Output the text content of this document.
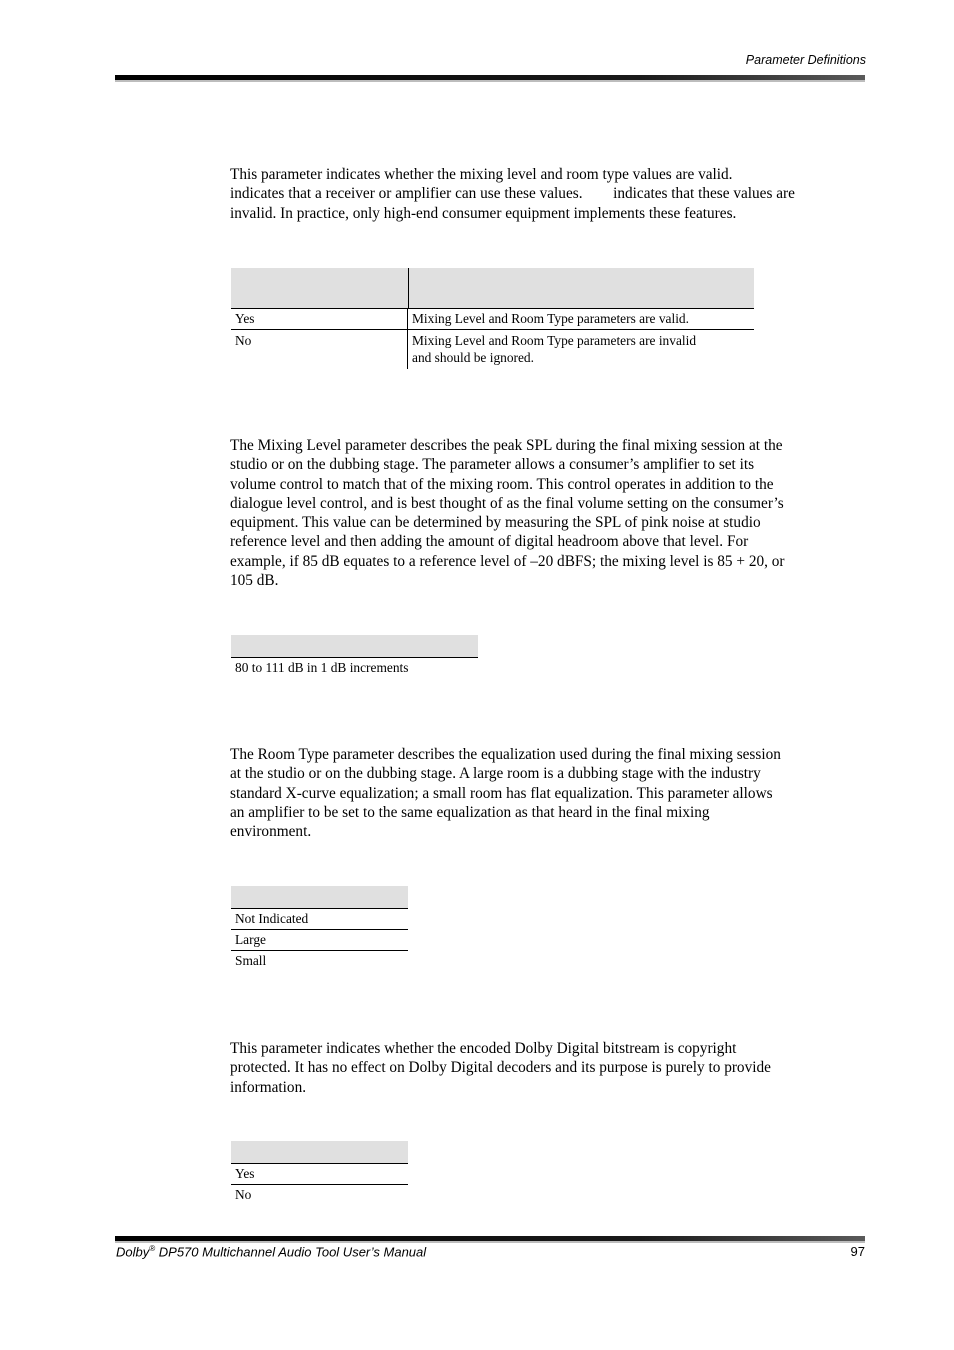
Parameter Definitions

This parameter indicates whether the mixing level and room type values are valid.

indicates that a receiver or amplifier can use these values.        indicates that these values are

invalid. In practice, only high-end consumer equipment implements these features.

Yes	Mixing Level and Room Type parameters are valid.
No	Mixing Level and Room Type parameters are invalid
and should be ignored.

The Mixing Level parameter describes the peak SPL during the final mixing session at the

studio or on the dubbing stage. The parameter allows a consumer’s amplifier to set its

volume control to match that of the mixing room. This control operates in addition to the

dialogue level control, and is best thought of as the final volume setting on the consumer’s

equipment. This value can be determined by measuring the SPL of pink noise at studio

reference level and then adding the amount of digital headroom above that level. For

example, if 85 dB equates to a reference level of –20 dBFS; the mixing level is 85 + 20, or

105 dB.

80 to 111 dB in 1 dB increments

The Room Type parameter describes the equalization used during the final mixing session

at the studio or on the dubbing stage. A large room is a dubbing stage with the industry

standard X-curve equalization; a small room has flat equalization. This parameter allows

an amplifier to be set to the same equalization as that heard in the final mixing

environment.

Not Indicated
Large
Small

This parameter indicates whether the encoded Dolby Digital bitstream is copyright

protected. It has no effect on Dolby Digital decoders and its purpose is purely to provide

information.

Yes
No
Dolby® DP570 Multichannel Audio Tool User’s Manual	97
